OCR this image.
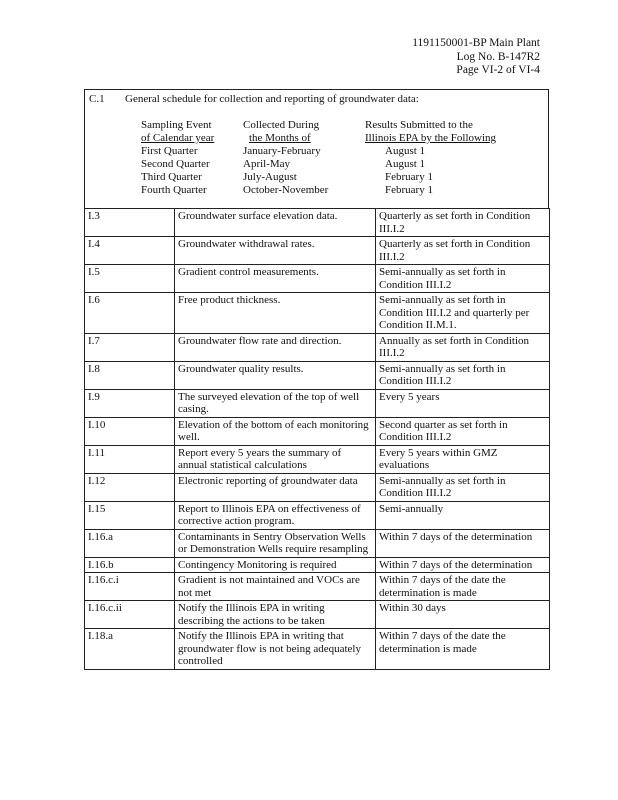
1191150001-BP Main Plant
Log No. B-147R2
Page VI-2 of VI-4
C.1 General schedule for collection and reporting of groundwater data:
Sampling Event	Collected During	Results Submitted to the
of Calendar year	the Months of	Illinois EPA by the Following
First Quarter	January-February	August 1
Second Quarter	April-May	August 1
Third Quarter	July-August	February 1
Fourth Quarter	October-November	February 1
I.3	Groundwater surface elevation data.	Quarterly as set forth in Condition III.I.2
I.4	Groundwater withdrawal rates.	Quarterly as set forth in Condition III.I.2
I.5	Gradient control measurements.	Semi-annually as set forth in Condition III.I.2
I.6	Free product thickness.	Semi-annually as set forth in Condition III.I.2 and quarterly per Condition II.M.1.
I.7	Groundwater flow rate and direction.	Annually as set forth in Condition III.I.2
I.8	Groundwater quality results.	Semi-annually as set forth in Condition III.I.2
I.9	The surveyed elevation of the top of well casing.	Every 5 years
I.10	Elevation of the bottom of each monitoring well.	Second quarter as set forth in Condition III.I.2
I.11	Report every 5 years the summary of annual statistical calculations	Every 5 years within GMZ evaluations
I.12	Electronic reporting of groundwater data	Semi-annually as set forth in Condition III.I.2
I.15	Report to Illinois EPA on effectiveness of corrective action program.	Semi-annually
I.16.a	Contaminants in Sentry Observation Wells or Demonstration Wells require resampling	Within 7 days of the determination
I.16.b	Contingency Monitoring is required	Within 7 days of the determination
I.16.c.i	Gradient is not maintained and VOCs are not met	Within 7 days of the date the determination is made
I.16.c.ii	Notify the Illinois EPA in writing describing the actions to be taken	Within 30 days
I.18.a	Notify the Illinois EPA in writing that groundwater flow is not being adequately controlled	Within 7 days of the date the determination is made
